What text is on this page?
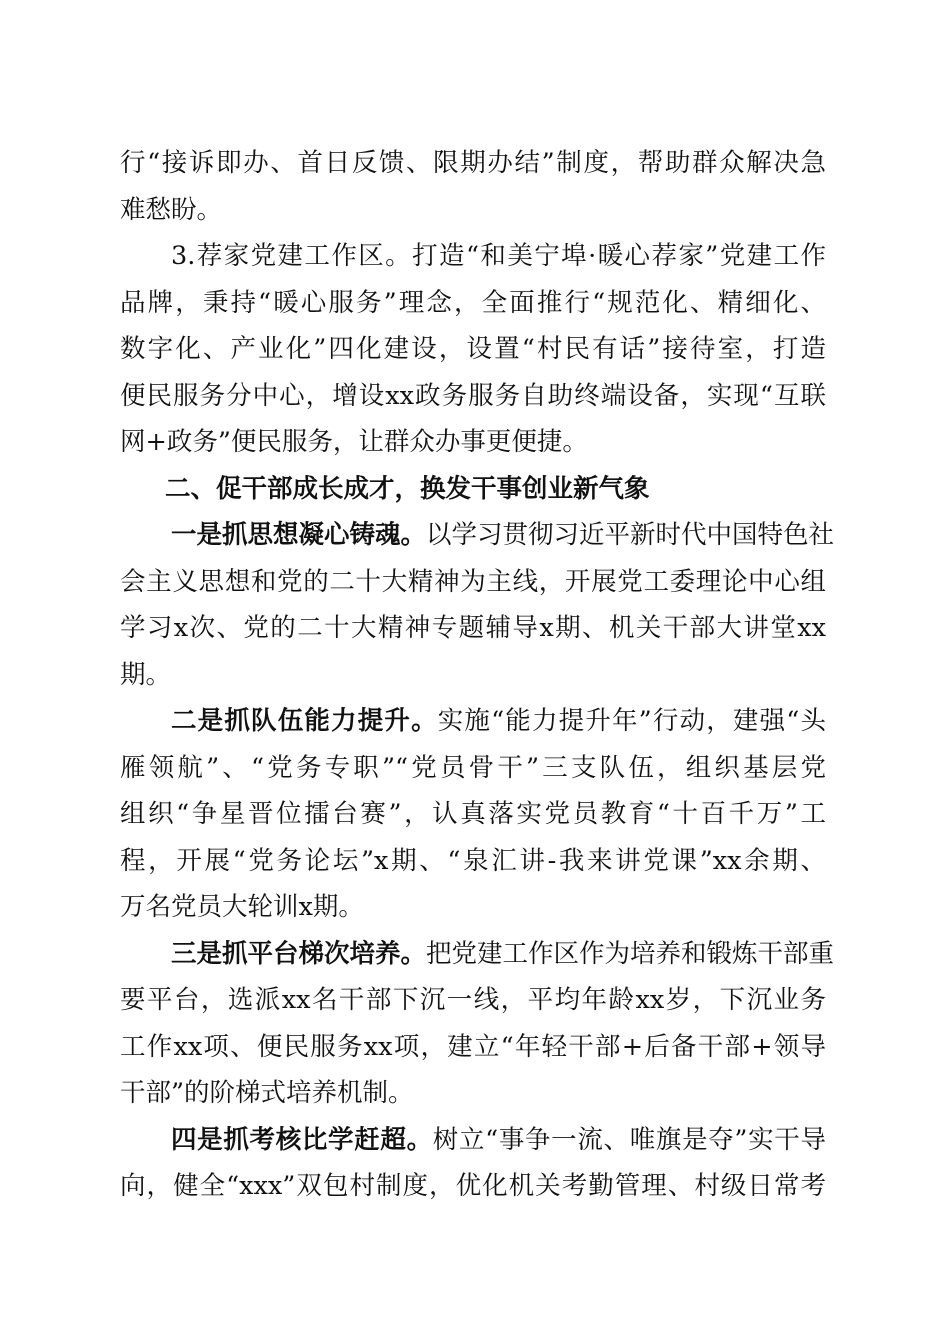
行“接诉即办、首日反馈、限期办结”制度，帮助群众解决急
难愁盼。
3.荐家党建工作区。打造“和美宁埠·暖心荐家”党建工作
品牌，秉持“暖心服务”理念，全面推行“规范化、精细化、
数字化、产业化”四化建设，设置“村民有话”接待室，打造
便民服务分中心，增设xx政务服务自助终端设备，实现“互联
网+政务”便民服务，让群众办事更便捷。
二、促干部成长成才，换发干事创业新气象
一是抓思想凝心铸魂。以学习贯彻习近平新时代中国特色社
会主义思想和党的二十大精神为主线，开展党工委理论中心组
学习x次、党的二十大精神专题辅导x期、机关干部大讲堂xx
期。
二是抓队伍能力提升。实施“能力提升年”行动，建强“头
雁领航”、“党务专职”“党员骨干”三支队伍，组织基层党
组织“争星晋位擂台赛”，认真落实党员教育“十百千万”工
程，开展“党务论坛”x期、“泉汇讲-我来讲党课”xx余期、
万名党员大轮训x期。
三是抓平台梯次培养。把党建工作区作为培养和锻炼干部重
要平台，选派xx名干部下沉一线，平均年龄xx岁，下沉业务
工作xx项、便民服务xx项，建立“年轻干部+后备干部+领导
干部”的阶梯式培养机制。
四是抓考核比学赶超。树立“事争一流、唯旗是夺”实干导
向，健全“xxx”双包村制度，优化机关考勤管理、村级日常考
